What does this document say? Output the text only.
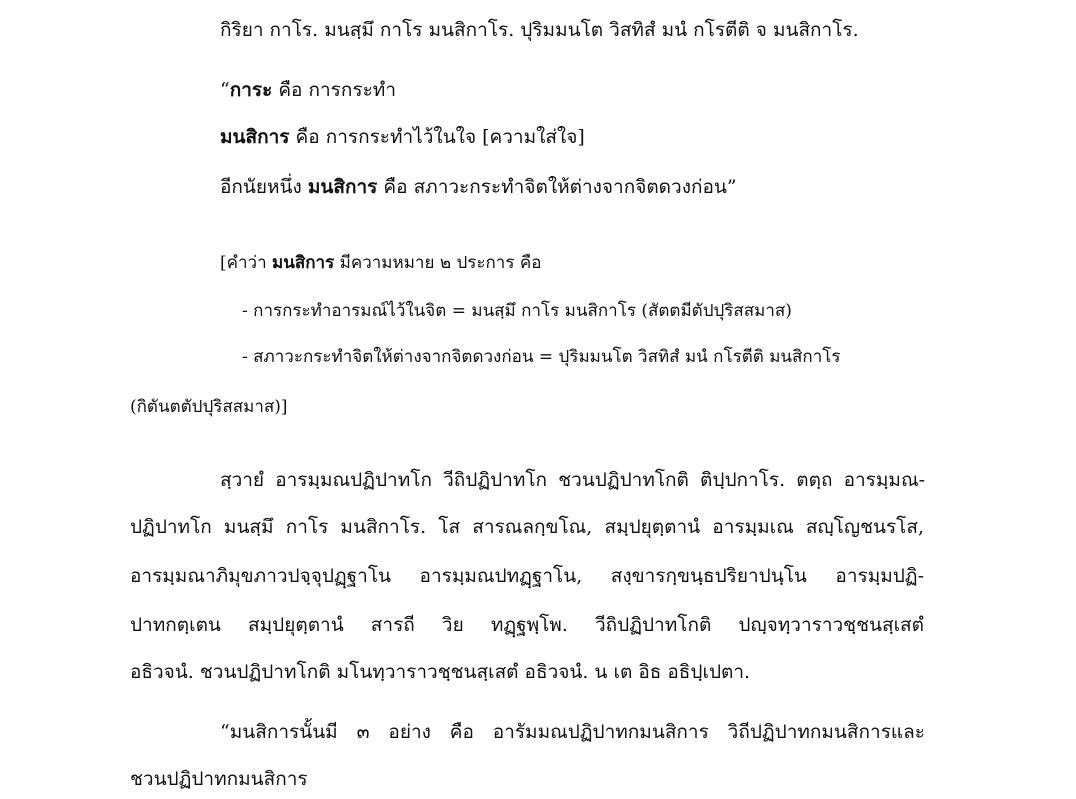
กิริยา กาโร. มนสฺมึ กาโร มนสิกาโร. ปุริมมนโต วิสทิสํ มนํ กโรตีติ จ มนสิกาโร.
“การะ คือ การกระทำ
มนสิการ คือ การกระทำไว้ในใจ [ความใส่ใจ]
อีกนัยหนึ่ง มนสิการ คือ สภาวะกระทำจิตให้ต่างจากจิตดวงก่อน”
[คำว่า มนสิการ มีความหมาย ๒ ประการ คือ
- การกระทำอารมณ์ไว้ในจิต = มนสฺมึ กาโร มนสิกาโร (สัตตมีตัปปุริสสมาส)
- สภาวะกระทำจิตให้ต่างจากจิตดวงก่อน = ปุริมมนโต วิสทิสํ มนํ กโรตีติ มนสิกาโร
(กิตันตตัปปุริสสมาส)]
สฺวายํ อารมฺมณปฏิปาทโก วีถิปฏิปาทโก ชวนปฏิปาทโกติ ติปฺปกาโร. ตตฺถ อารมฺมณ-
ปฏิปาทโก มนสฺมึ กาโร มนสิกาโร. โส สารณลกฺขโณ, สมฺปยุตฺตานํ อารมฺมเณ สญฺโญชนรโส,
อารมฺมณาภิมุขภาวปจฺจุปฏฺฐาโน อารมฺมณปทฏฺฐาโน, สงฺขารกฺขนฺธปริยาปนฺโน อารมฺมปฏิ-
ปาทกตฺเตน สมฺปยุตฺตานํ สารถี วิย ทฏฺฐพฺโพ. วีถิปฏิปาทโกติ ปญฺจทฺวาราวชฺชนสฺเสตํ
อธิวจนํ. ชวนปฏิปาทโกติ มโนทฺวาราวชฺชนสฺเสตํ อธิวจนํ. น เต อิธ อธิปฺเปตา.
“มนสิการนั้นมี ๓ อย่าง คือ อารัมมณปฏิปาทกมนสิการ วิถีปฏิปาทกมนสิการและ
ชวนปฏิปาทกมนสิการ
